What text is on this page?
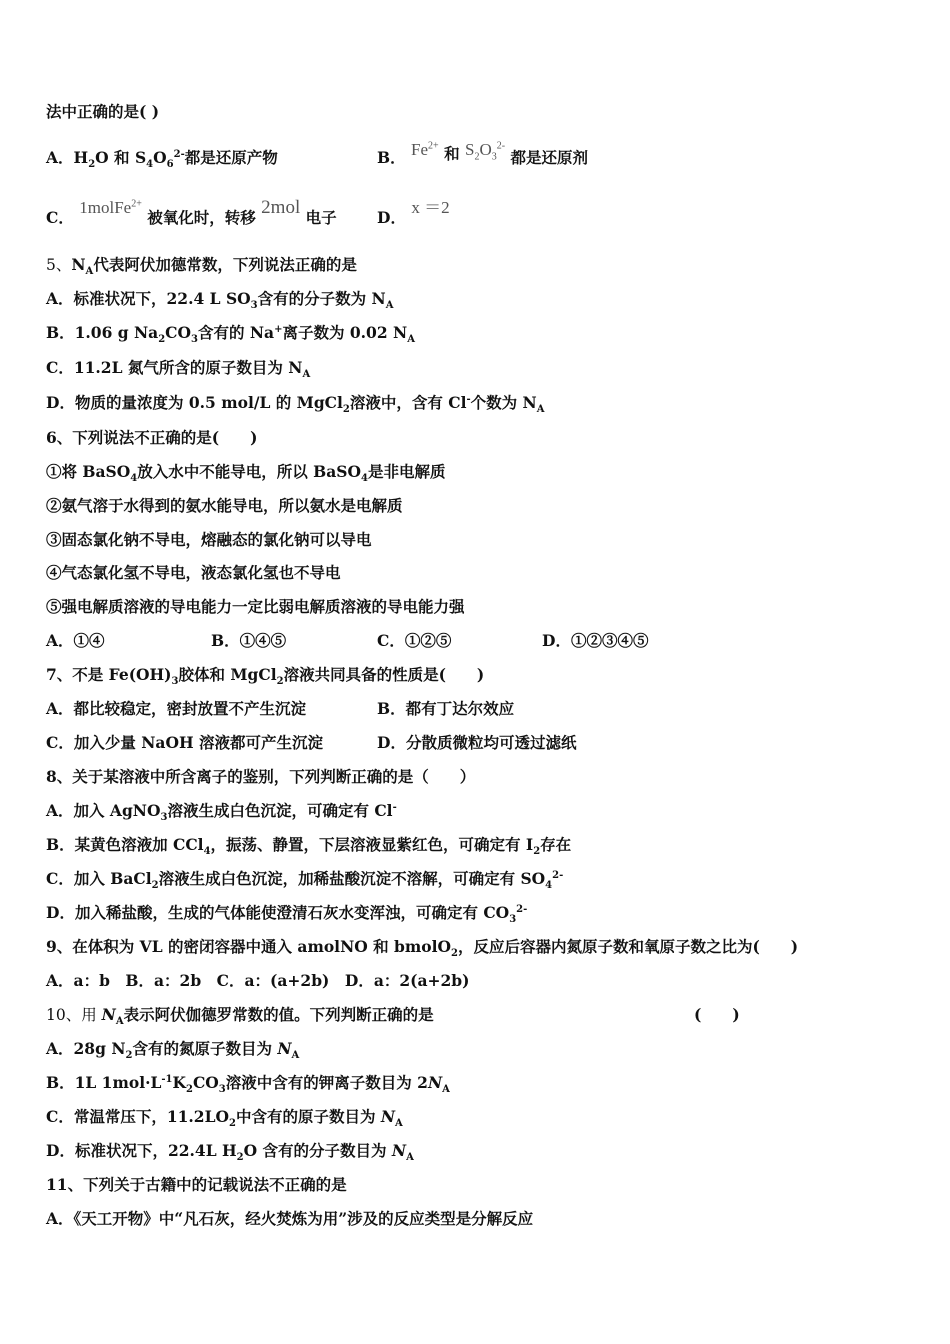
法中正确的是( )
A．$H_2O$ 和 $S_4O_6^{2-}$都是还原产物	B． $Fe^{2+}$ 和 $S_2O_3^{2-}$ 都是还原剂
C． 1molFe$^{2+}$ 被氧化时，转移 2mol 电子	D． x ＝2
5、$N_A$代表阿伏加德常数，下列说法正确的是
A．标准状况下，22.4 L $SO_3$含有的分子数为 $N_A$
B．1.06 g $Na_2CO_3$含有的 Na+离子数为 0.02 $N_A$
C．11.2L 氮气所含的原子数目为 $N_A$
D．物质的量浓度为 0.5 mol/L 的 MgCl$_2$溶液中，含有 Cl-个数为 $N_A$
6、下列说法不正确的是(　　)
①将 BaSO$_4$放入水中不能导电，所以 BaSO$_4$是非电解质
②氨气溶于水得到的氨水能导电，所以氨水是电解质
③固态氯化钠不导电，熔融态的氯化钠可以导电
④气态氯化氢不导电，液态氯化氢也不导电
⑤强电解质溶液的导电能力一定比弱电解质溶液的导电能力强
A．①④	B．①④⑤	C．①②⑤	D．①②③④⑤
7、不是 $Fe(OH)_3$胶体和 MgCl$_2$溶液共同具备的性质是(　　)
A．都比较稳定，密封放置不产生沉淀	B．都有丁达尔效应
C．加入少量 NaOH 溶液都可产生沉淀	D．分散质微粒均可透过滤纸
8、关于某溶液中所含离子的鉴别，下列判断正确的是（　　）
A．加入 AgNO$_3$溶液生成白色沉淀，可确定有 Cl-
B．某黄色溶液加 CCl$_4$，振荡、静置，下层溶液显紫红色，可确定有 $I_2$存在
C．加入 BaCl$_2$溶液生成白色沉淀，加稀盐酸沉淀不溶解，可确定有 $SO_4^{2-}$
D．加入稀盐酸，生成的气体能使澄清石灰水变浑浊，可确定有 $CO_3^{2-}$
9、在体积为 VL 的密闭容器中通入 amolNO 和 bmolO$_2$，反应后容器内氮原子数和氧原子数之比为(　　)
A．a：b　B．a：2b　C．a：(a+2b)　D．a：2(a+2b)
10、用 $N_A$表示阿伏伽德罗常数的值。下列判断正确的是	(　　)
A．28g $N_2$含有的氮原子数目为 $N_A$
B．1L $1mol\cdot L^{-1}K_2CO_3$溶液中含有的钾离子数目为 $2N_A$
C．常温常压下，$11.2LO_2$中含有的原子数目为 $N_A$
D．标准状况下，22.4L $H_2O$ 含有的分子数目为 $N_A$
11、下列关于古籍中的记载说法不正确的是
A．《天工开物》中“凡石灰，经火焚炼为用”涉及的反应类型是分解反应
